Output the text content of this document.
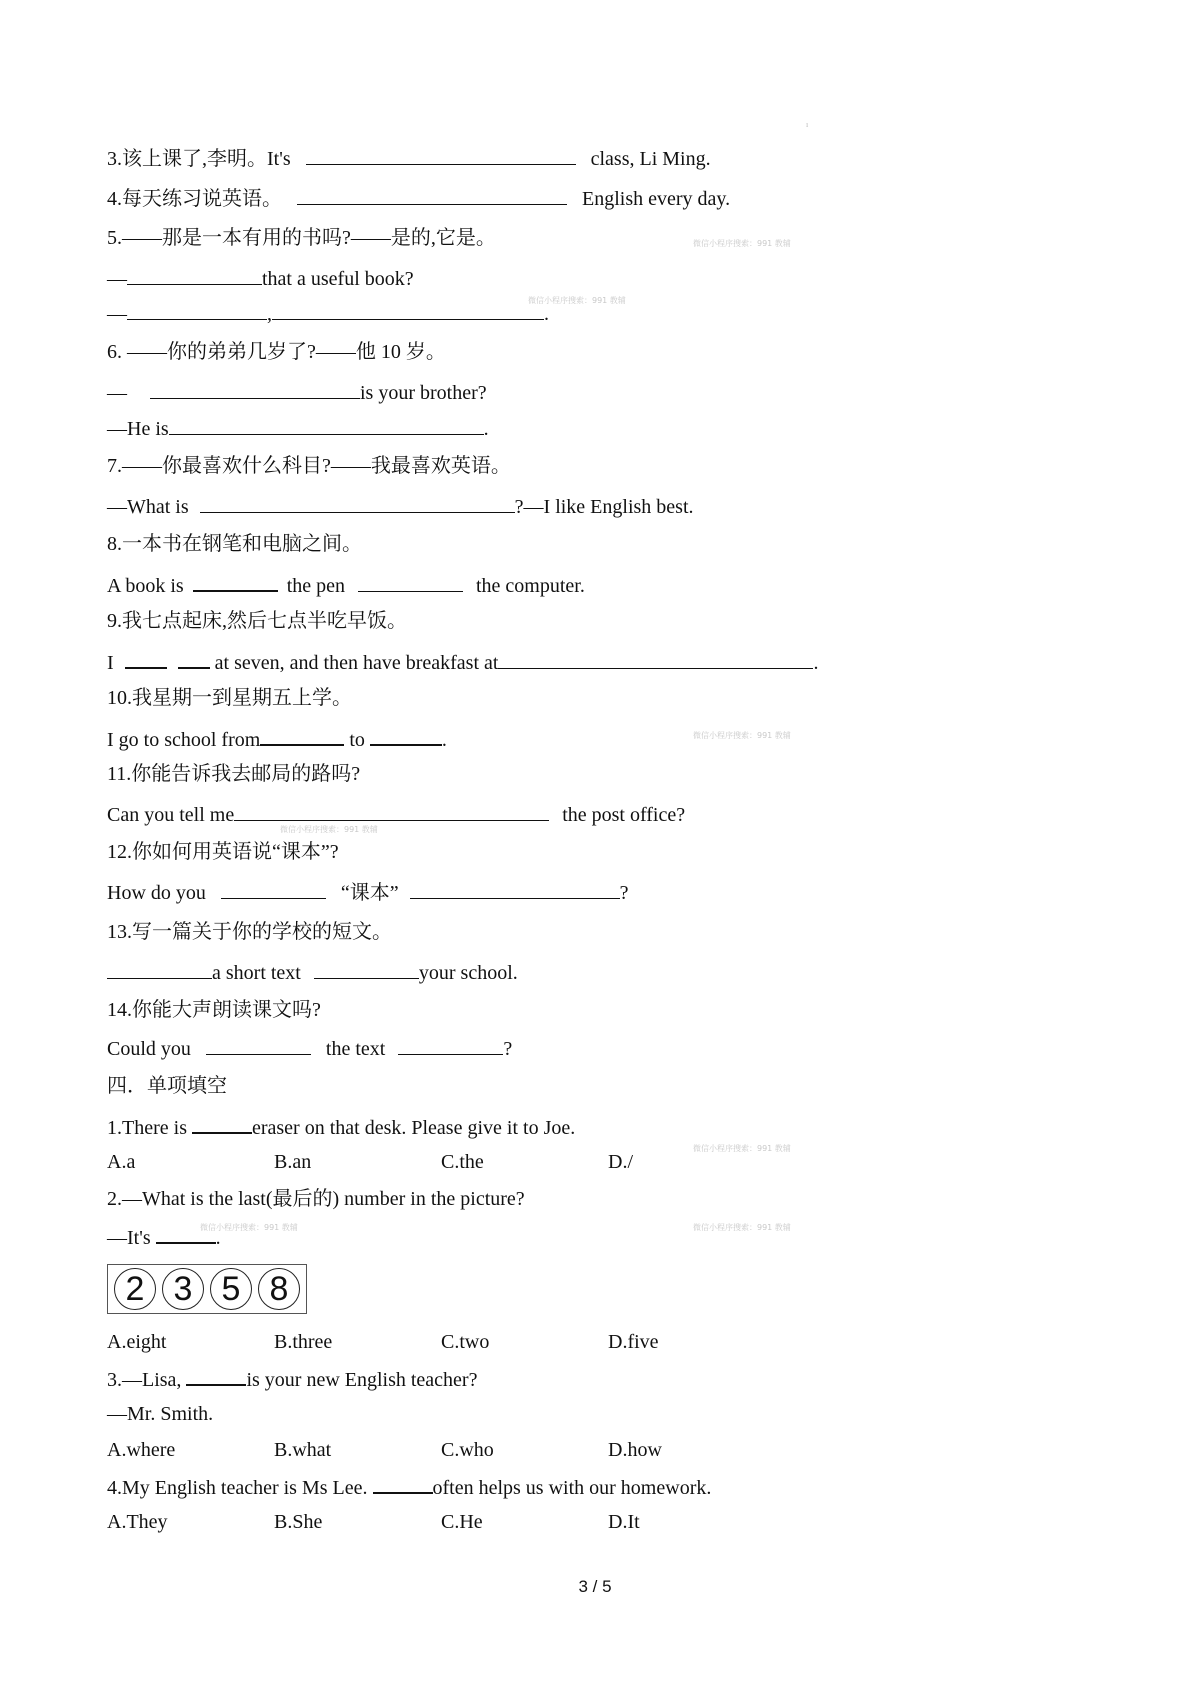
ı
3.该上课了,李明。It's	class, Li Ming.
4.每天练习说英语。	English every day.
5.——那是一本有用的书吗?——是的,它是。
—	that a useful book?
—	,	.
6. ——你的弟弟几岁了?——他 10 岁。
—	is your brother?
—He is	.
7.——你最喜欢什么科目?——我最喜欢英语。
—What is	?—I like English best.
8.一本书在钢笔和电脑之间。
A book is	the pen	the computer.
9.我七点起床,然后七点半吃早饭。
I	at seven, and then have breakfast at	.
10.我星期一到星期五上学。
I go to school from	to	.
11.你能告诉我去邮局的路吗?
Can you tell me	the post office?
12.你如何用英语说“课本”?
How do you	“课本”	?
13.写一篇关于你的学校的短文。
a short text	your school.
14.你能大声朗读课文吗?
Could you	the text	?
四．单项填空
1.There is	eraser on that desk. Please give it to Joe.
A.a	B.an	C.the	D./
2.—What is the last(最后的) number in the picture?
—It's	.
2 3 5 8
A.eight	B.three	C.two	D.five
3.—Lisa,	is your new English teacher?
—Mr. Smith.
A.where	B.what	C.who	D.how
4.My English teacher is Ms Lee.	often helps us with our homework.
A.They	B.She	C.He	D.It
微信小程序搜索：991 教辅
微信小程序搜索：991 教辅
微信小程序搜索：991 教辅
微信小程序搜索：991 教辅
微信小程序搜索：991 教辅
微信小程序搜索：991 教辅	微信小程序搜索：991 教辅
3 / 5
